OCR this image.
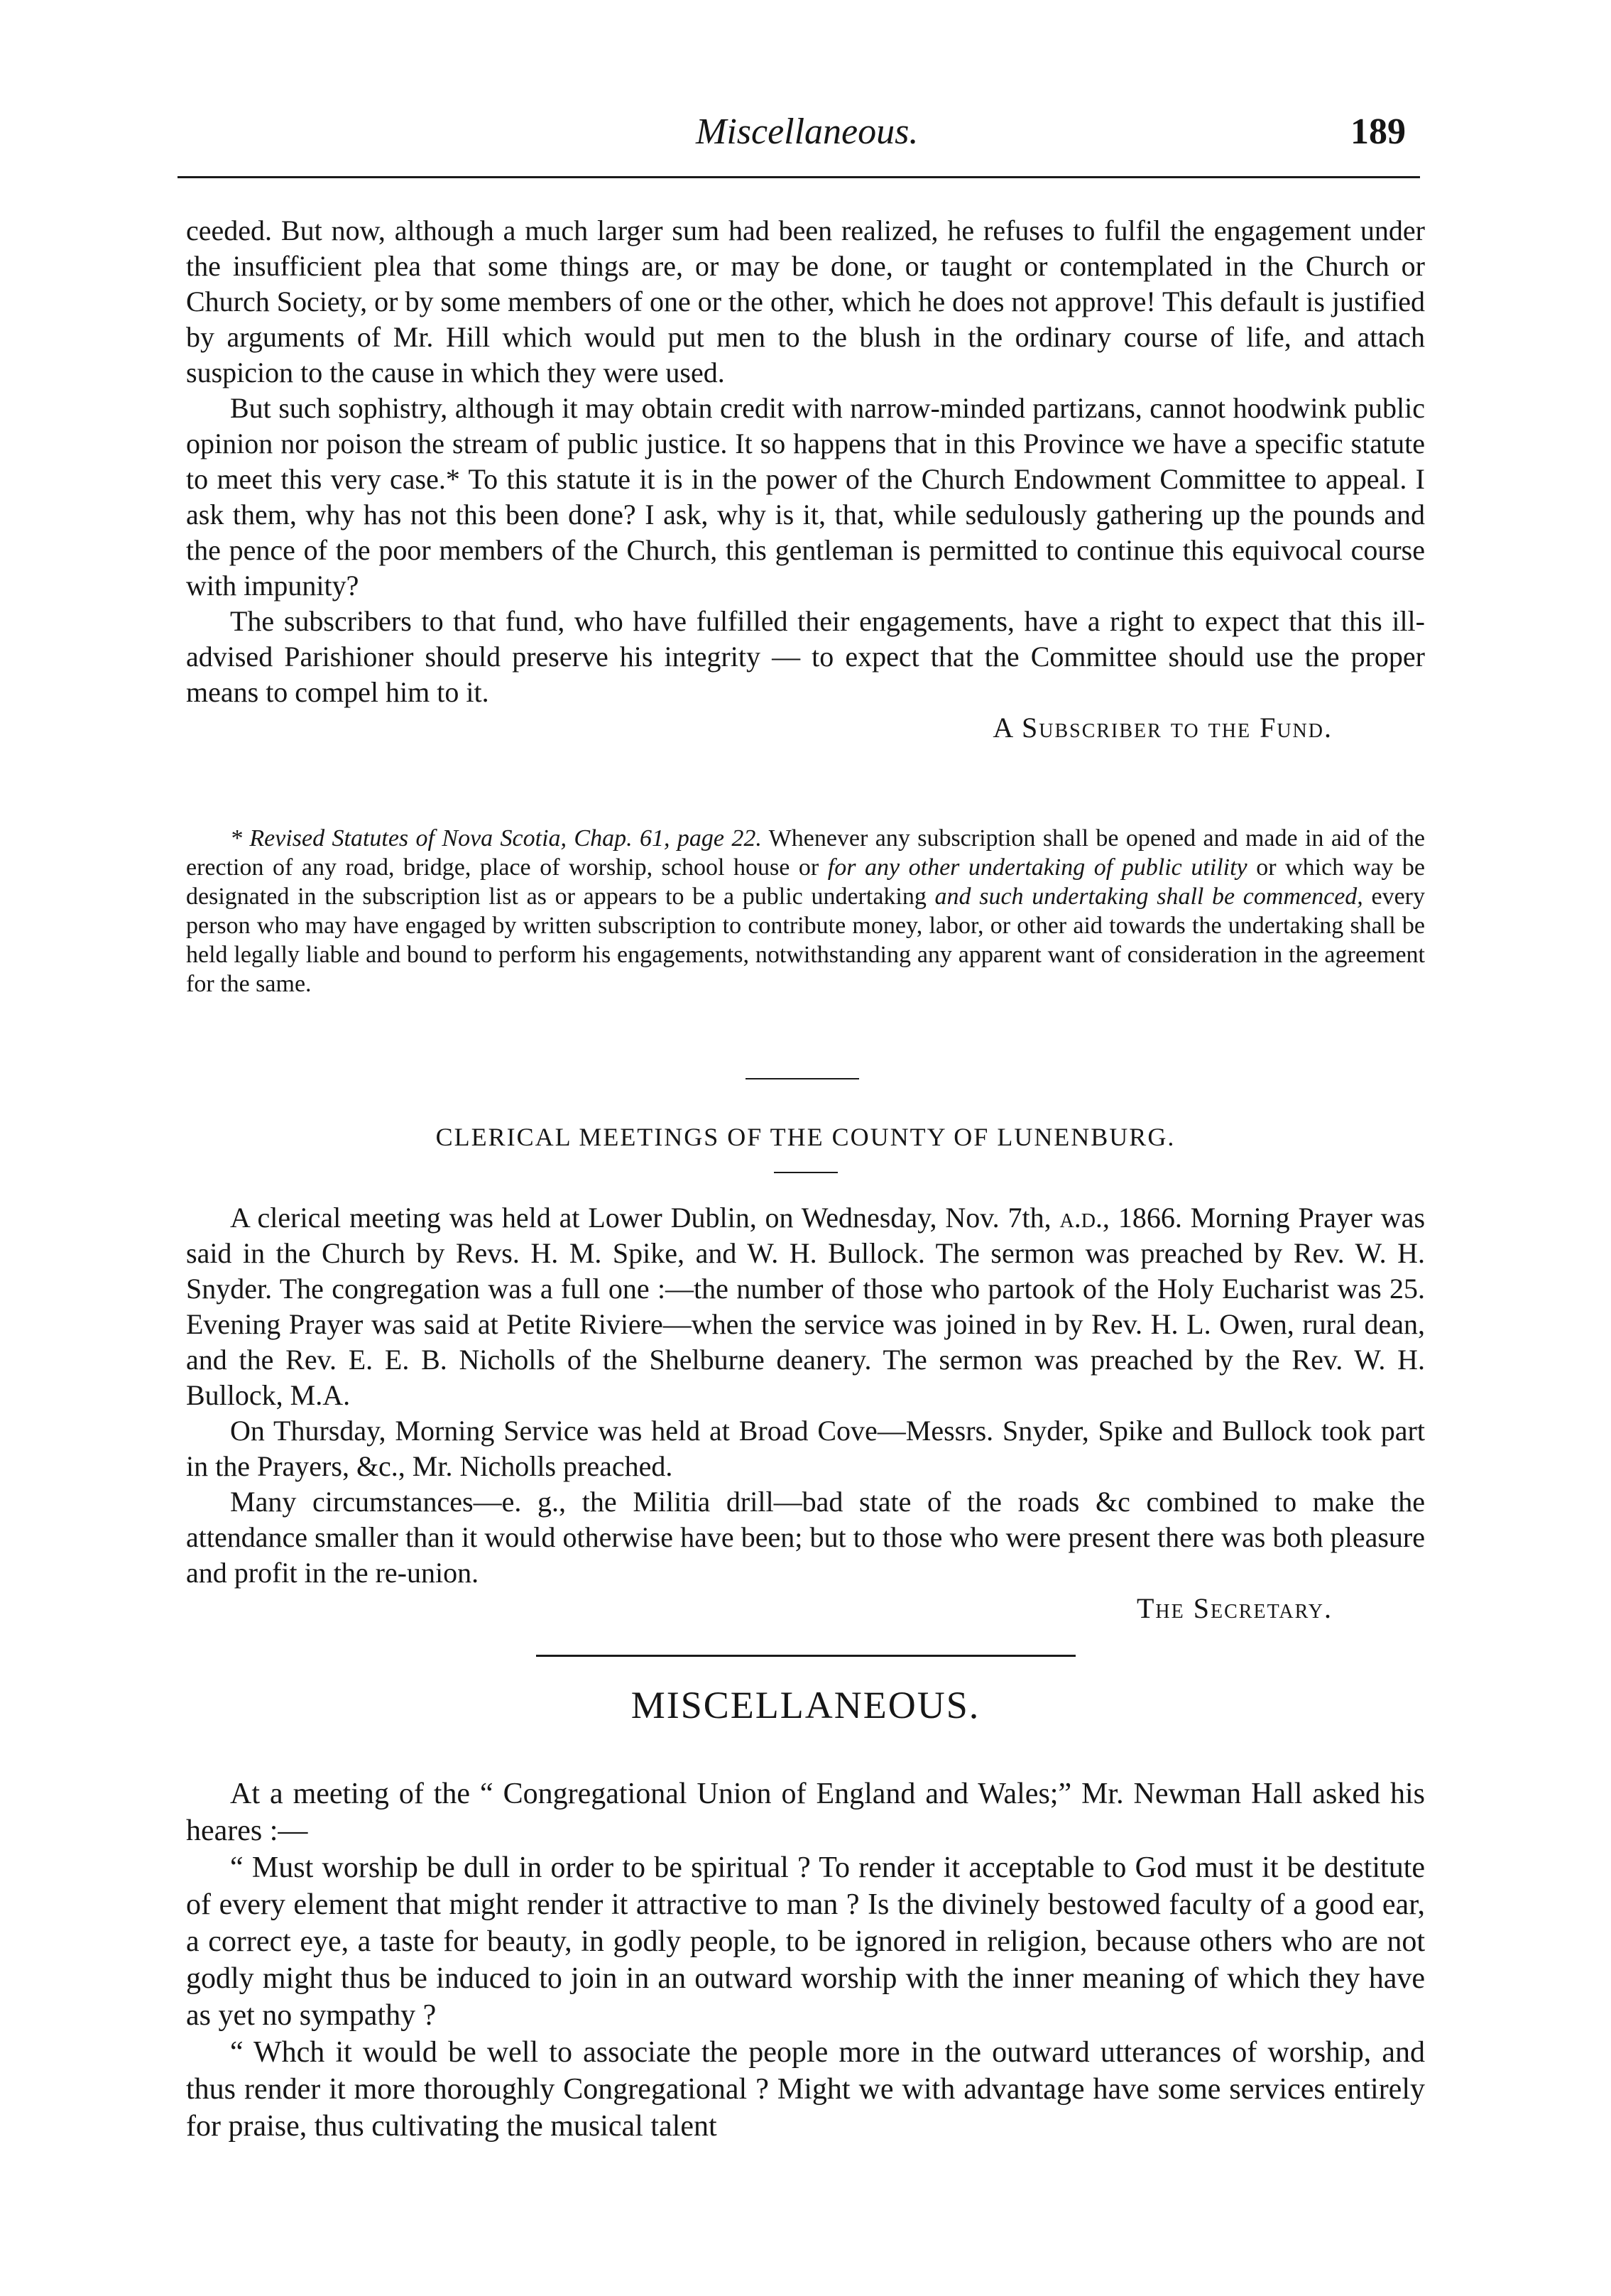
Miscellaneous.	189

ceeded. But now, although a much larger sum had been realized, he refuses to fulfil the engagement under the insufficient plea that some things are, or may be done, or taught or contemplated in the Church or Church Society, or by some members of one or the other, which he does not approve! This default is justified by arguments of Mr. Hill which would put men to the blush in the ordinary course of life, and attach suspicion to the cause in which they were used.

But such sophistry, although it may obtain credit with narrow-minded partizans, cannot hoodwink public opinion nor poison the stream of public justice. It so happens that in this Province we have a specific statute to meet this very case.* To this statute it is in the power of the Church Endowment Committee to appeal. I ask them, why has not this been done? I ask, why is it, that, while sedulously gathering up the pounds and the pence of the poor members of the Church, this gentleman is permitted to continue this equivocal course with impunity?

The subscribers to that fund, who have fulfilled their engagements, have a right to expect that this ill-advised Parishioner should preserve his integrity — to expect that the Committee should use the proper means to compel him to it.

A Subscriber to the Fund.

* Revised Statutes of Nova Scotia, Chap. 61, page 22. Whenever any subscription shall be opened and made in aid of the erection of any road, bridge, place of worship, school house or for any other undertaking of public utility or which way be designated in the subscription list as or appears to be a public undertaking and such undertaking shall be commenced, every person who may have engaged by written subscription to contribute money, labor, or other aid towards the undertaking shall be held legally liable and bound to perform his engagements, notwithstanding any apparent want of consideration in the agreement for the same.

CLERICAL MEETINGS OF THE COUNTY OF LUNENBURG.

A clerical meeting was held at Lower Dublin, on Wednesday, Nov. 7th, a.d., 1866. Morning Prayer was said in the Church by Revs. H. M. Spike, and W. H. Bullock. The sermon was preached by Rev. W. H. Snyder. The congregation was a full one :—the number of those who partook of the Holy Eucharist was 25. Evening Prayer was said at Petite Riviere—when the service was joined in by Rev. H. L. Owen, rural dean, and the Rev. E. E. B. Nicholls of the Shelburne deanery. The sermon was preached by the Rev. W. H. Bullock, M.A.

On Thursday, Morning Service was held at Broad Cove—Messrs. Snyder, Spike and Bullock took part in the Prayers, &c., Mr. Nicholls preached.

Many circumstances—e. g., the Militia drill—bad state of the roads &c combined to make the attendance smaller than it would otherwise have been; but to those who were present there was both pleasure and profit in the re-union.

The Secretary.

MISCELLANEOUS.

At a meeting of the “ Congregational Union of England and Wales;” Mr. Newman Hall asked his heares :—

“ Must worship be dull in order to be spiritual ? To render it acceptable to God must it be destitute of every element that might render it attractive to man ? Is the divinely bestowed faculty of a good ear, a correct eye, a taste for beauty, in godly people, to be ignored in religion, because others who are not godly might thus be induced to join in an outward worship with the inner meaning of which they have as yet no sympathy ?

“ Whch it would be well to associate the people more in the outward utterances of worship, and thus render it more thoroughly Congregational ? Might we with advantage have some services entirely for praise, thus cultivating the musical talent
